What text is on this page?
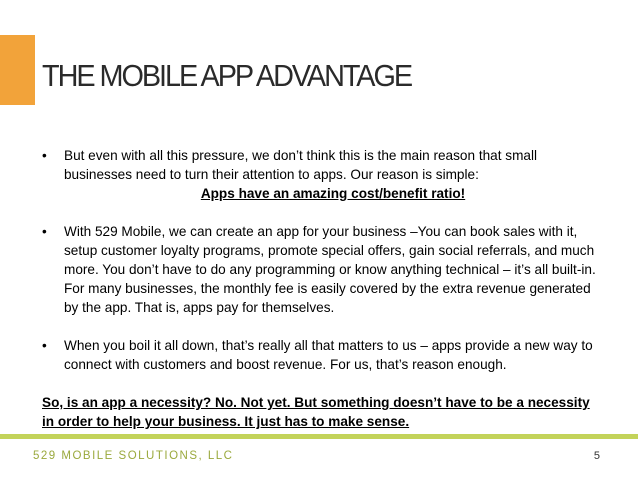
THE MOBILE APP ADVANTAGE
•	But even with all this pressure, we don’t think this is the main reason that small businesses need to turn their attention to apps. Our reason is simple:
Apps have an amazing cost/benefit ratio!
•	With 529 Mobile, we can create an app for your business –You can book sales with it, setup customer loyalty programs, promote special offers, gain social referrals, and much more. You don’t have to do any programming or know anything technical – it’s all built-in. For many businesses, the monthly fee is easily covered by the extra revenue generated by the app. That is, apps pay for themselves.
•	When you boil it all down, that’s really all that matters to us – apps provide a new way to connect with customers and boost revenue. For us, that’s reason enough.
So, is an app a necessity? No. Not yet. But something doesn’t have to be a necessity in order to help your business. It just has to make sense.
529 MOBILE SOLUTIONS, LLC	5
